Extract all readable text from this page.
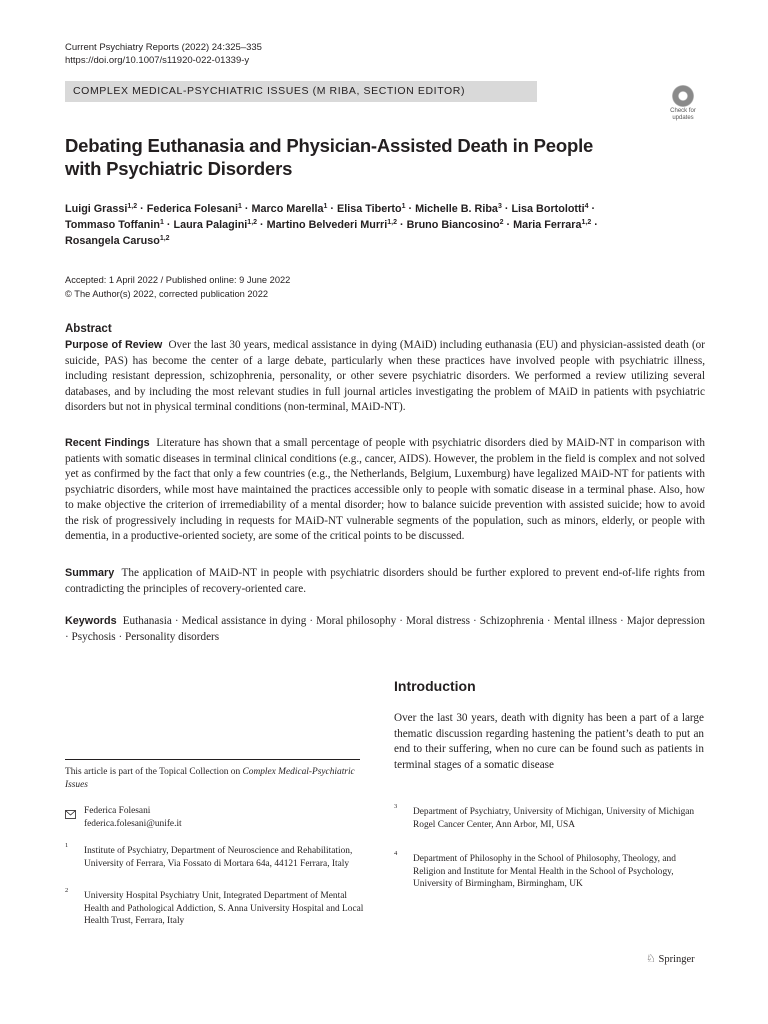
Current Psychiatry Reports (2022) 24:325–335
https://doi.org/10.1007/s11920-022-01339-y
COMPLEX MEDICAL-PSYCHIATRIC ISSUES (M RIBA, SECTION EDITOR)
Check for updates
Debating Euthanasia and Physician-Assisted Death in People with Psychiatric Disorders
Luigi Grassi$^{1,2}$ · Federica Folesani$^1$ · Marco Marella$^1$ · Elisa Tiberto$^1$ · Michelle B. Riba$^3$ · Lisa Bortolotti$^4$ ·
Tommaso Toffanin$^1$ · Laura Palagini$^{1,2}$ · Martino Belvederi Murri$^{1,2}$ · Bruno Biancosino$^2$ · Maria Ferrara$^{1,2}$ ·
Rosangela Caruso$^{1,2}$
Accepted: 1 April 2022 / Published online: 9 June 2022
© The Author(s) 2022, corrected publication 2022
Abstract
Purpose of Review Over the last 30 years, medical assistance in dying (MAiD) including euthanasia (EU) and physician-assisted death (or suicide, PAS) has become the center of a large debate, particularly when these practices have involved people with psychiatric illness, including resistant depression, schizophrenia, personality, or other severe psychiatric disorders. We performed a review utilizing several databases, and by including the most relevant studies in full journal articles investigating the problem of MAiD in patients with psychiatric disorders but not in physical terminal conditions (non-terminal, MAiD-NT).
Recent Findings Literature has shown that a small percentage of people with psychiatric disorders died by MAiD-NT in comparison with patients with somatic diseases in terminal clinical conditions (e.g., cancer, AIDS). However, the problem in the field is complex and not solved yet as confirmed by the fact that only a few countries (e.g., the Netherlands, Belgium, Luxemburg) have legalized MAiD-NT for patients with psychiatric disorders, while most have maintained the practices accessible only to people with somatic disease in a terminal phase. Also, how to make objective the criterion of irremediability of a mental disorder; how to balance suicide prevention with assisted suicide; how to avoid the risk of progressively including in requests for MAiD-NT vulnerable segments of the population, such as minors, elderly, or people with dementia, in a productive-oriented society, are some of the critical points to be discussed.
Summary The application of MAiD-NT in people with psychiatric disorders should be further explored to prevent end-of-life rights from contradicting the principles of recovery-oriented care.
Keywords Euthanasia · Medical assistance in dying · Moral philosophy · Moral distress · Schizophrenia · Mental illness · Major depression · Psychosis · Personality disorders
Introduction
Over the last 30 years, death with dignity has been a part of a large thematic discussion regarding hastening the patient’s death to put an end to their suffering, when no cure can be found such as patients in terminal stages of a somatic disease
This article is part of the Topical Collection on Complex Medical-Psychiatric Issues
Federica Folesani
federica.folesani@unife.it
1
Institute of Psychiatry, Department of Neuroscience and Rehabilitation, University of Ferrara, Via Fossato di Mortara 64a, 44121 Ferrara, Italy
2
University Hospital Psychiatry Unit, Integrated Department of Mental Health and Pathological Addiction, S. Anna University Hospital and Local Health Trust, Ferrara, Italy
3
Department of Psychiatry, University of Michigan, University of Michigan Rogel Cancer Center, Ann Arbor, MI, USA
4
Department of Philosophy in the School of Philosophy, Theology, and Religion and Institute for Mental Health in the School of Psychology, University of Birmingham, Birmingham, UK
♘ Springer
